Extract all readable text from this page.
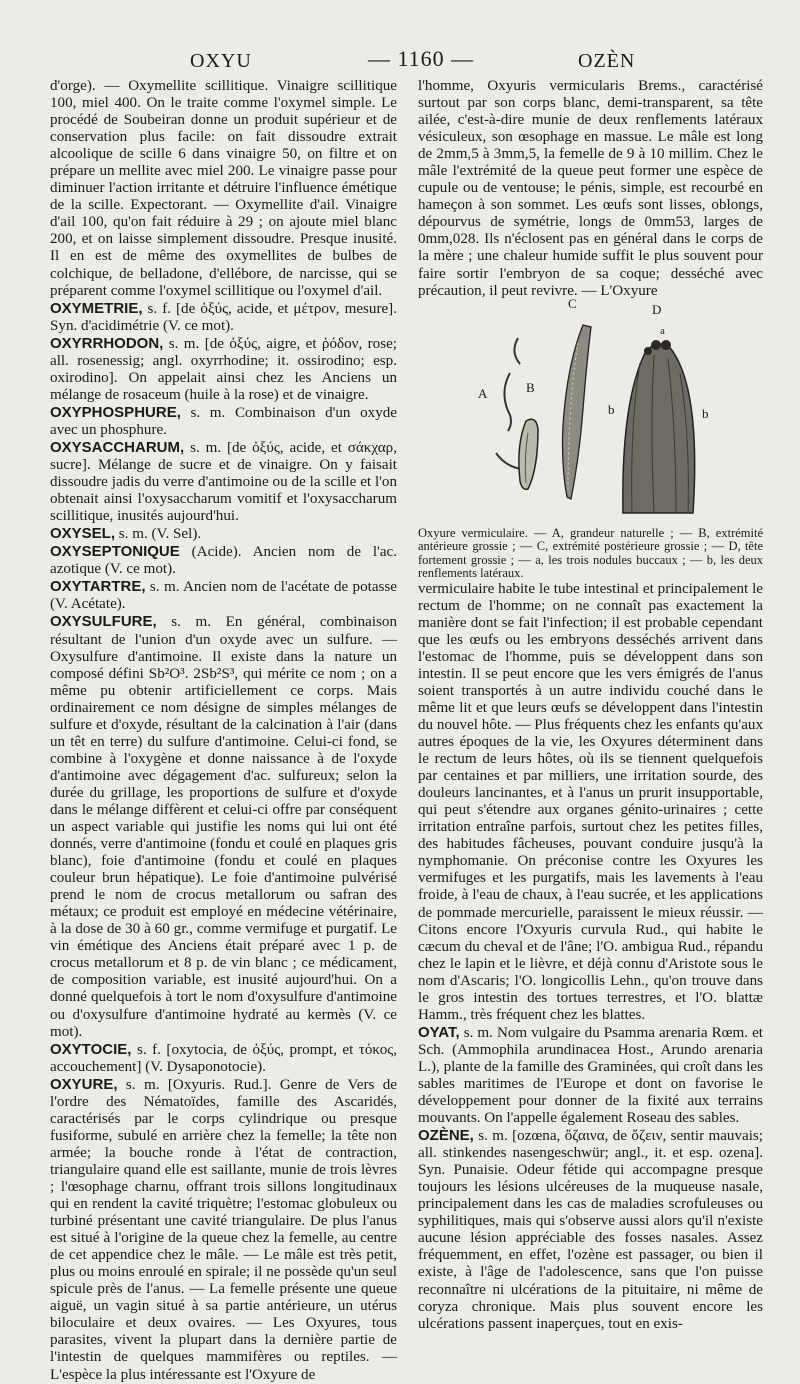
OXYU	— 1160 —	OZÈN

d'orge). — Oxymellite scillitique. Vinaigre scillitique 100, miel 400. On le traite comme l'oxymel simple. Le procédé de Soubeiran donne un produit supérieur et de conservation plus facile: on fait dissoudre extrait alcoolique de scille 6 dans vinaigre 50, on filtre et on prépare un mellite avec miel 200. Le vinaigre passe pour diminuer l'action irritante et détruire l'influence émétique de la scille. Expectorant. — Oxymellite d'ail. Vinaigre d'ail 100, qu'on fait réduire à 29 ; on ajoute miel blanc 200, et on laisse simplement dissoudre. Presque inusité. Il en est de même des oxymellites de bulbes de colchique, de belladone, d'ellébore, de narcisse, qui se préparent comme l'oxymel scillitique ou l'oxymel d'ail.

OXYMETRIE, s. f. [de ὀξύς, acide, et μέτρον, mesure]. Syn. d'acidimétrie (V. ce mot).

OXYRRHODON, s. m. [de ὀξύς, aigre, et ῥόδον, rose; all. rosenessig; angl. oxyrrhodine; it. ossirodino; esp. oxirodino]. On appelait ainsi chez les Anciens un mélange de rosaceum (huile à la rose) et de vinaigre.

OXYPHOSPHURE, s. m. Combinaison d'un oxyde avec un phosphure.

OXYSACCHARUM, s. m. [de ὀξύς, acide, et σάκχαρ, sucre]. Mélange de sucre et de vinaigre. On y faisait dissoudre jadis du verre d'antimoine ou de la scille et l'on obtenait ainsi l'oxysaccharum vomitif et l'oxysaccharum scillitique, inusités aujourd'hui.

OXYSEL, s. m. (V. Sel).

OXYSEPTONIQUE (Acide). Ancien nom de l'ac. azotique (V. ce mot).

OXYTARTRE, s. m. Ancien nom de l'acétate de potasse (V. Acétate).

OXYSULFURE, s. m. En général, combinaison résultant de l'union d'un oxyde avec un sulfure. — Oxysulfure d'antimoine. Il existe dans la nature un composé défini Sb²O³. 2Sb²S³, qui mérite ce nom ; on a même pu obtenir artificiellement ce corps. Mais ordinairement ce nom désigne de simples mélanges de sulfure et d'oxyde, résultant de la calcination à l'air (dans un têt en terre) du sulfure d'antimoine. Celui-ci fond, se combine à l'oxygène et donne naissance à de l'oxyde d'antimoine avec dégagement d'ac. sulfureux; selon la durée du grillage, les proportions de sulfure et d'oxyde dans le mélange diffèrent et celui-ci offre par conséquent un aspect variable qui justifie les noms qui lui ont été donnés, verre d'antimoine (fondu et coulé en plaques gris blanc), foie d'antimoine (fondu et coulé en plaques couleur brun hépatique). Le foie d'antimoine pulvérisé prend le nom de crocus metallorum ou safran des métaux; ce produit est employé en médecine vétérinaire, à la dose de 30 à 60 gr., comme vermifuge et purgatif. Le vin émétique des Anciens était préparé avec 1 p. de crocus metallorum et 8 p. de vin blanc ; ce médicament, de composition variable, est inusité aujourd'hui. On a donné quelquefois à tort le nom d'oxysulfure d'antimoine ou d'oxysulfure d'antimoine hydraté au kermès (V. ce mot).

OXYTOCIE, s. f. [oxytocia, de ὀξύς, prompt, et τόκος, accouchement] (V. Dysaponotocie).

OXYURE, s. m. [Oxyuris. Rud.]. Genre de Vers de l'ordre des Nématoïdes, famille des Ascaridés, caractérisés par le corps cylindrique ou presque fusiforme, subulé en arrière chez la femelle; la tête non armée; la bouche ronde à l'état de contraction, triangulaire quand elle est saillante, munie de trois lèvres ; l'œsophage charnu, offrant trois sillons longitudinaux qui en rendent la cavité triquètre; l'estomac globuleux ou turbiné présentant une cavité triangulaire. De plus l'anus est situé à l'origine de la queue chez la femelle, au centre de cet appendice chez le mâle. — Le mâle est très petit, plus ou moins enroulé en spirale; il ne possède qu'un seul spicule près de l'anus. — La femelle présente une queue aiguë, un vagin situé à sa partie antérieure, un utérus biloculaire et deux ovaires. — Les Oxyures, tous parasites, vivent la plupart dans la dernière partie de l'intestin de quelques mammifères ou reptiles. — L'espèce la plus intéressante est l'Oxyure de

l'homme, Oxyuris vermicularis Brems., caractérisé surtout par son corps blanc, demi-transparent, sa tête ailée, c'est-à-dire munie de deux renflements latéraux vésiculeux, son œsophage en massue. Le mâle est long de 2mm,5 à 3mm,5, la femelle de 9 à 10 millim. Chez le mâle l'extrémité de la queue peut former une espèce de cupule ou de ventouse; le pénis, simple, est recourbé en hameçon à son sommet. Les œufs sont lisses, oblongs, dépourvus de symétrie, longs de 0mm53, larges de 0mm,028. Ils n'éclosent pas en général dans le corps de la mère ; une chaleur humide suffit le plus souvent pour faire sortir l'embryon de sa coque; desséché avec précaution, il peut revivre. — L'Oxyure

C	D
a
A	B
b	b

Oxyure vermiculaire. — A, grandeur naturelle ; — B, extrémité antérieure grossie ; — C, extrémité postérieure grossie ; — D, tête fortement grossie ; — a, les trois nodules buccaux ; — b, les deux renflements latéraux.

vermiculaire habite le tube intestinal et principalement le rectum de l'homme; on ne connaît pas exactement la manière dont se fait l'infection; il est probable cependant que les œufs ou les embryons desséchés arrivent dans l'estomac de l'homme, puis se développent dans son intestin. Il se peut encore que les vers émigrés de l'anus soient transportés à un autre individu couché dans le même lit et que leurs œufs se développent dans l'intestin du nouvel hôte. — Plus fréquents chez les enfants qu'aux autres époques de la vie, les Oxyures déterminent dans le rectum de leurs hôtes, où ils se tiennent quelquefois par centaines et par milliers, une irritation sourde, des douleurs lancinantes, et à l'anus un prurit insupportable, qui peut s'étendre aux organes génito-urinaires ; cette irritation entraîne parfois, surtout chez les petites filles, des habitudes fâcheuses, pouvant conduire jusqu'à la nymphomanie. On préconise contre les Oxyures les vermifuges et les purgatifs, mais les lavements à l'eau froide, à l'eau de chaux, à l'eau sucrée, et les applications de pommade mercurielle, paraissent le mieux réussir. — Citons encore l'Oxyuris curvula Rud., qui habite le cæcum du cheval et de l'âne; l'O. ambigua Rud., répandu chez le lapin et le lièvre, et déjà connu d'Aristote sous le nom d'Ascaris; l'O. longicollis Lehn., qu'on trouve dans le gros intestin des tortues terrestres, et l'O. blattæ Hamm., très fréquent chez les blattes.

OYAT, s. m. Nom vulgaire du Psamma arenaria Rœm. et Sch. (Ammophila arundinacea Host., Arundo arenaria L.), plante de la famille des Graminées, qui croît dans les sables maritimes de l'Europe et dont on favorise le développement pour donner de la fixité aux terrains mouvants. On l'appelle également Roseau des sables.

OZÈNE, s. m. [ozœna, ὄζαινα, de ὄζειν, sentir mauvais; all. stinkendes nasengeschwür; angl., it. et esp. ozena]. Syn. Punaisie. Odeur fétide qui accompagne presque toujours les lésions ulcéreuses de la muqueuse nasale, principalement dans les cas de maladies scrofuleuses ou syphilitiques, mais qui s'observe aussi alors qu'il n'existe aucune lésion appréciable des fosses nasales. Assez fréquemment, en effet, l'ozène est passager, ou bien il existe, à l'âge de l'adolescence, sans que l'on puisse reconnaître ni ulcérations de la pituitaire, ni même de coryza chronique. Mais plus souvent encore les ulcérations passent inaperçues, tout en exis-
